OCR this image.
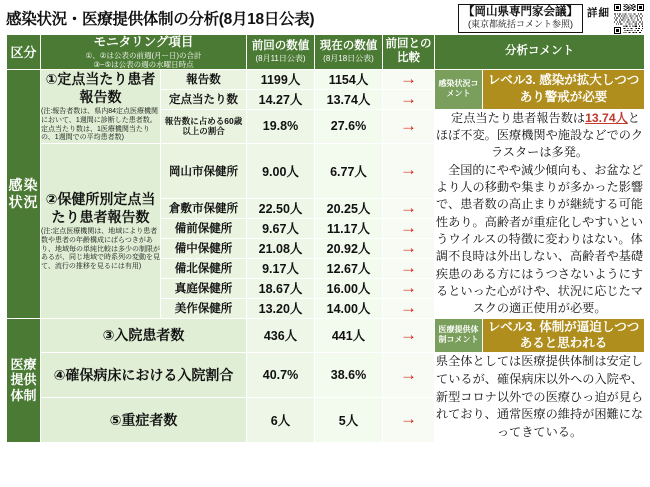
感染状況・医療提供体制の分析(8月18日公表)	【岡山県専門家会議】
(東京都統括コメント参照)
詳細
区分	モニタリング項目
①、②は公表の前週(月ー日)の合計
③~⑤は公表の週の水曜日時点		前回の数値
(8月11日公表)	現在の数値
(8月18日公表)	前回との比較	分析コメント	

感染状況	①定点当たり患者報告数
(注:報告者数は、県内84定点医療機関において、1週間に診断した患者数。定点当たり数は、1医療機関当たりの、1週間での平均患者数)	報告数	1199人	1154人	→	感染状況コメント	レベル3. 感染が拡大しつつあり警戒が必要
		定点当たり数	14.27人	13.74人	→		
		報告数に占める60歳以上の割合	19.8%	27.6%	→	定点当たり患者報告数は13.74人とほぼ不変。医療機関や施設などでのクラスターは多発。
全国的にやや減少傾向も、お盆などより人の移動や集まりが多かった影響で、患者数の高止まりが継続する可能性あり。高齢者が重症化しやすいというウイルスの特徴に変わりはない。体調不良時は外出しない、高齢者や基礎疾患のある方にはうつさないようにするといった心がけや、状況に応じたマスクの適正使用が必要。	

	②保健所別定点当たり患者報告数
(注:定点医療機関は、地域により患者数や患者の年齢構成にばらつきがあり、地域毎の単純比較は多少の制限があるが、同じ地域で時系列の変動を見て、流行の推移を見るには有用)	岡山市保健所	9.00人	6.77人	→		
		倉敷市保健所	22.50人	20.25人	→		
		備前保健所	9.67人	11.17人	→		
		備中保健所	21.08人	20.92人	→		
		備北保健所	9.17人	12.67人	→		
		真庭保健所	18.67人	16.00人	→		
		美作保健所	13.20人	14.00人	→		
医療提供体制	③入院患者数		436人	441人	→	医療提供体制コメント	レベル3. 体制が逼迫しつつあると思われる
	④確保病床における入院割合		40.7%	38.6%	→	県全体としては医療提供体制は安定しているが、確保病床以外への入院や、新型コロナ以外での医療ひっ迫が見られており、通常医療の維持が困難になってきている。	
	⑤重症者数		6人	5人	→		
